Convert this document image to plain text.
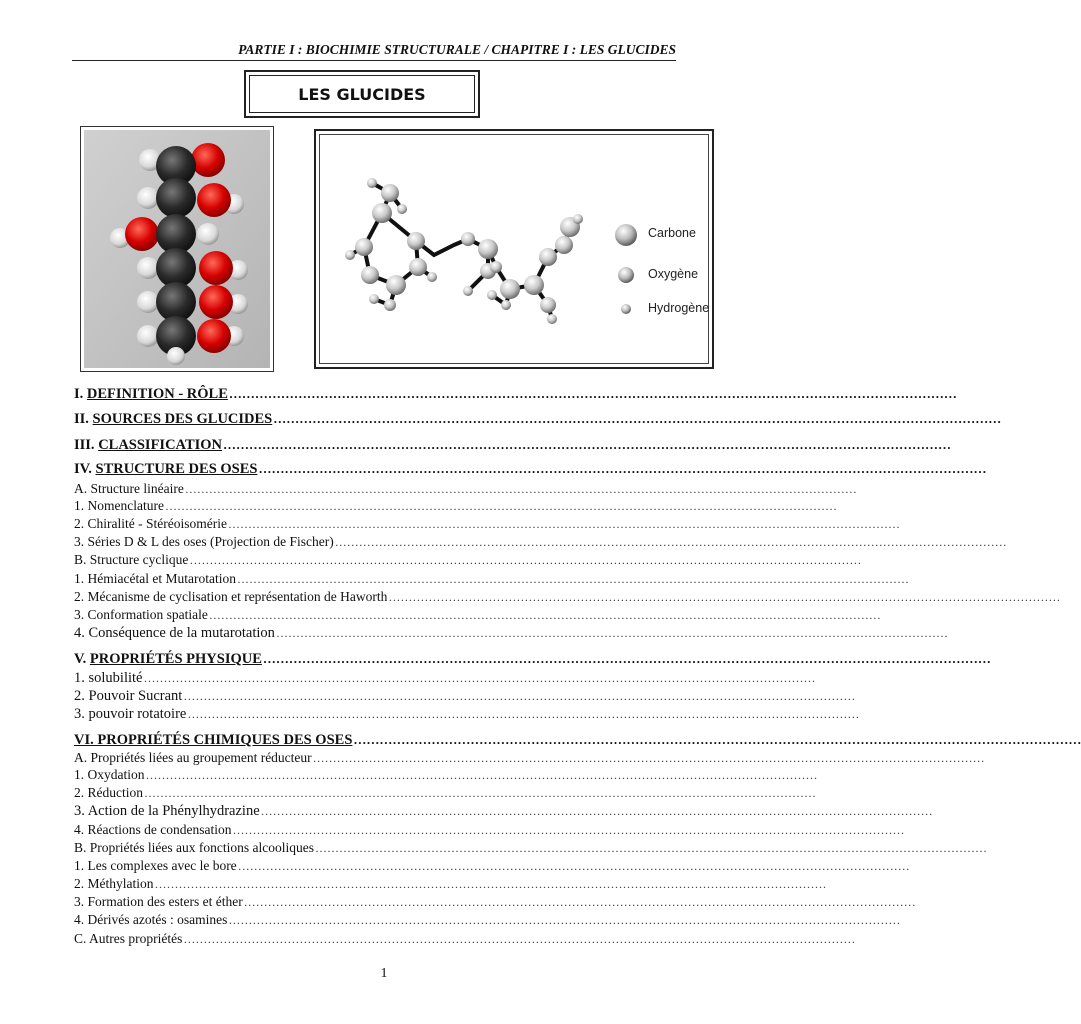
PARTIE I : BIOCHIMIE STRUCTURALE / CHAPITRE I : LES GLUCIDES
LES GLUCIDES
Carbone
Oxygène
Hydrogène
I. DEFINITION - RÔLE ……………………………………………………………………………………………………………………………………………………
II. SOURCES DES GLUCIDES ……………………………………………………………………………………………………………………………………………………
III. CLASSIFICATION ……………………………………………………………………………………………………………………………………………………
IV. STRUCTURE DES OSES ……………………………………………………………………………………………………………………………………………………
A. Structure linéaire ……………………………………………………………………………………………………………………………………………………
1. Nomenclature ……………………………………………………………………………………………………………………………………………………
2. Chiralité - Stéréoisomérie ……………………………………………………………………………………………………………………………………………………
3. Séries D & L des oses (Projection de Fischer) ……………………………………………………………………………………………………………………………………………………
B. Structure cyclique ……………………………………………………………………………………………………………………………………………………
1. Hémiacétal et Mutarotation ……………………………………………………………………………………………………………………………………………………
2. Mécanisme de cyclisation et représentation de Haworth ……………………………………………………………………………………………………………………………………………………
3. Conformation spatiale ……………………………………………………………………………………………………………………………………………………
4. Conséquence de la mutarotation ……………………………………………………………………………………………………………………………………………………
V. PROPRIÉTÉS PHYSIQUE ……………………………………………………………………………………………………………………………………………………
1. solubilité ……………………………………………………………………………………………………………………………………………………
2. Pouvoir Sucrant ……………………………………………………………………………………………………………………………………………………
3. pouvoir rotatoire ……………………………………………………………………………………………………………………………………………………
VI. PROPRIÉTÉS CHIMIQUES DES OSES ……………………………………………………………………………………………………………………………………………………
A. Propriétés liées au groupement réducteur ……………………………………………………………………………………………………………………………………………………
1. Oxydation ……………………………………………………………………………………………………………………………………………………
2. Réduction ……………………………………………………………………………………………………………………………………………………
3. Action de la Phénylhydrazine ……………………………………………………………………………………………………………………………………………………
4. Réactions de condensation ……………………………………………………………………………………………………………………………………………………
B. Propriétés liées aux fonctions alcooliques ……………………………………………………………………………………………………………………………………………………
1. Les complexes avec le bore ……………………………………………………………………………………………………………………………………………………
2. Méthylation ……………………………………………………………………………………………………………………………………………………
3. Formation des esters et éther ……………………………………………………………………………………………………………………………………………………
4. Dérivés azotés : osamines ……………………………………………………………………………………………………………………………………………………
C. Autres propriétés ……………………………………………………………………………………………………………………………………………………
1
